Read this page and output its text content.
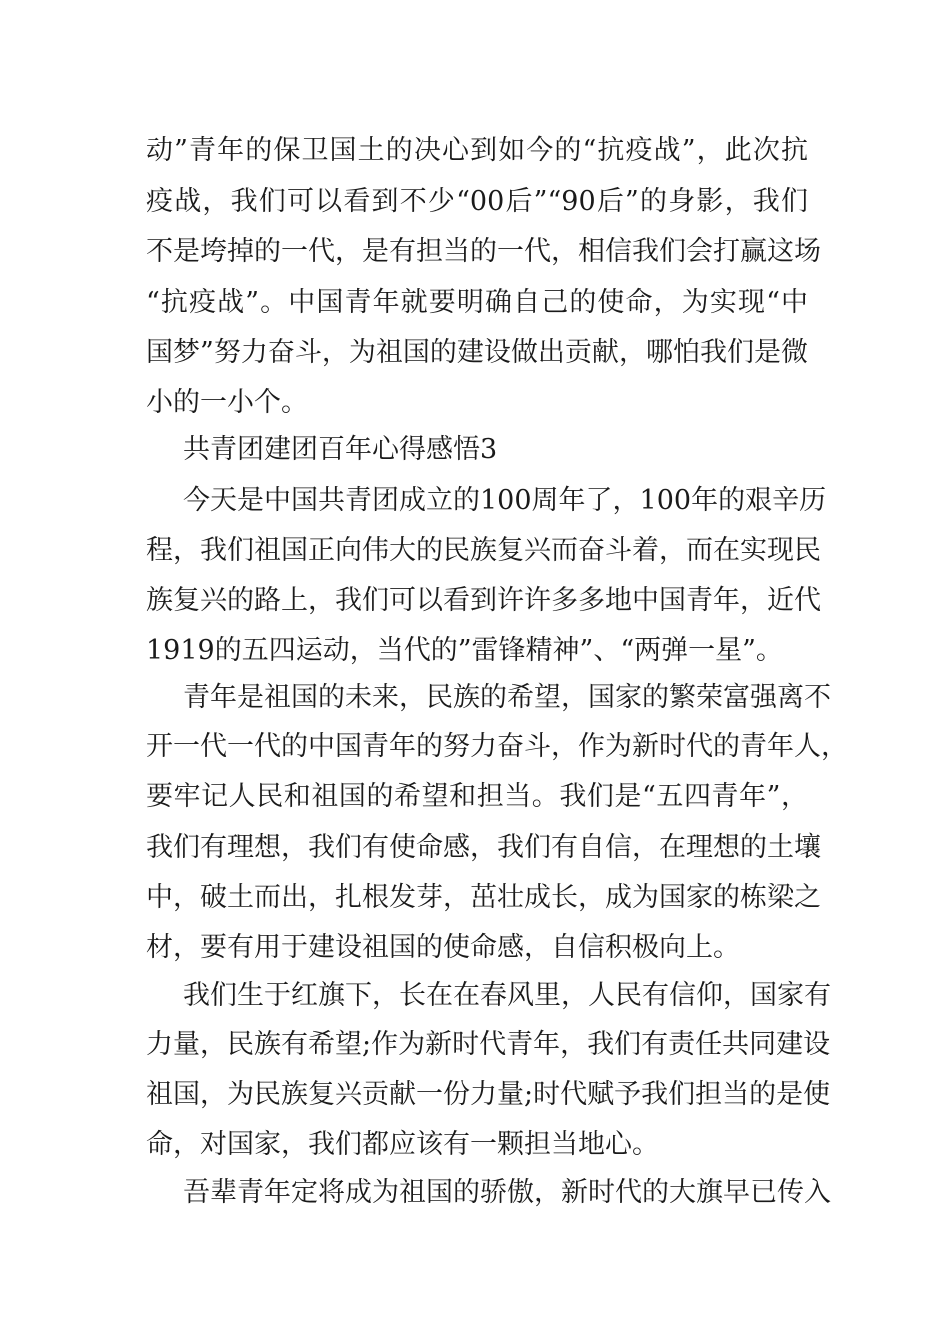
动”青年的保卫国土的决心到如今的“抗疫战”，此次抗
疫战，我们可以看到不少“00后”“90后”的身影，我们
不是垮掉的一代，是有担当的一代，相信我们会打赢这场
“抗疫战”。中国青年就要明确自己的使命，为实现“中
国梦”努力奋斗，为祖国的建设做出贡献，哪怕我们是微
小的一小个。
共青团建团百年心得感悟3
今天是中国共青团成立的100周年了，100年的艰辛历
程，我们祖国正向伟大的民族复兴而奋斗着，而在实现民
族复兴的路上，我们可以看到许许多多地中国青年，近代
1919的五四运动，当代的”雷锋精神”、“两弹一星”。
青年是祖国的未来，民族的希望，国家的繁荣富强离不
开一代一代的中国青年的努力奋斗，作为新时代的青年人，
要牢记人民和祖国的希望和担当。我们是“五四青年”，
我们有理想，我们有使命感，我们有自信，在理想的土壤
中，破土而出，扎根发芽，茁壮成长，成为国家的栋梁之
材，要有用于建设祖国的使命感，自信积极向上。
我们生于红旗下，长在在春风里，人民有信仰，国家有
力量，民族有希望;作为新时代青年，我们有责任共同建设
祖国，为民族复兴贡献一份力量;时代赋予我们担当的是使
命，对国家，我们都应该有一颗担当地心。
吾辈青年定将成为祖国的骄傲，新时代的大旗早已传入
